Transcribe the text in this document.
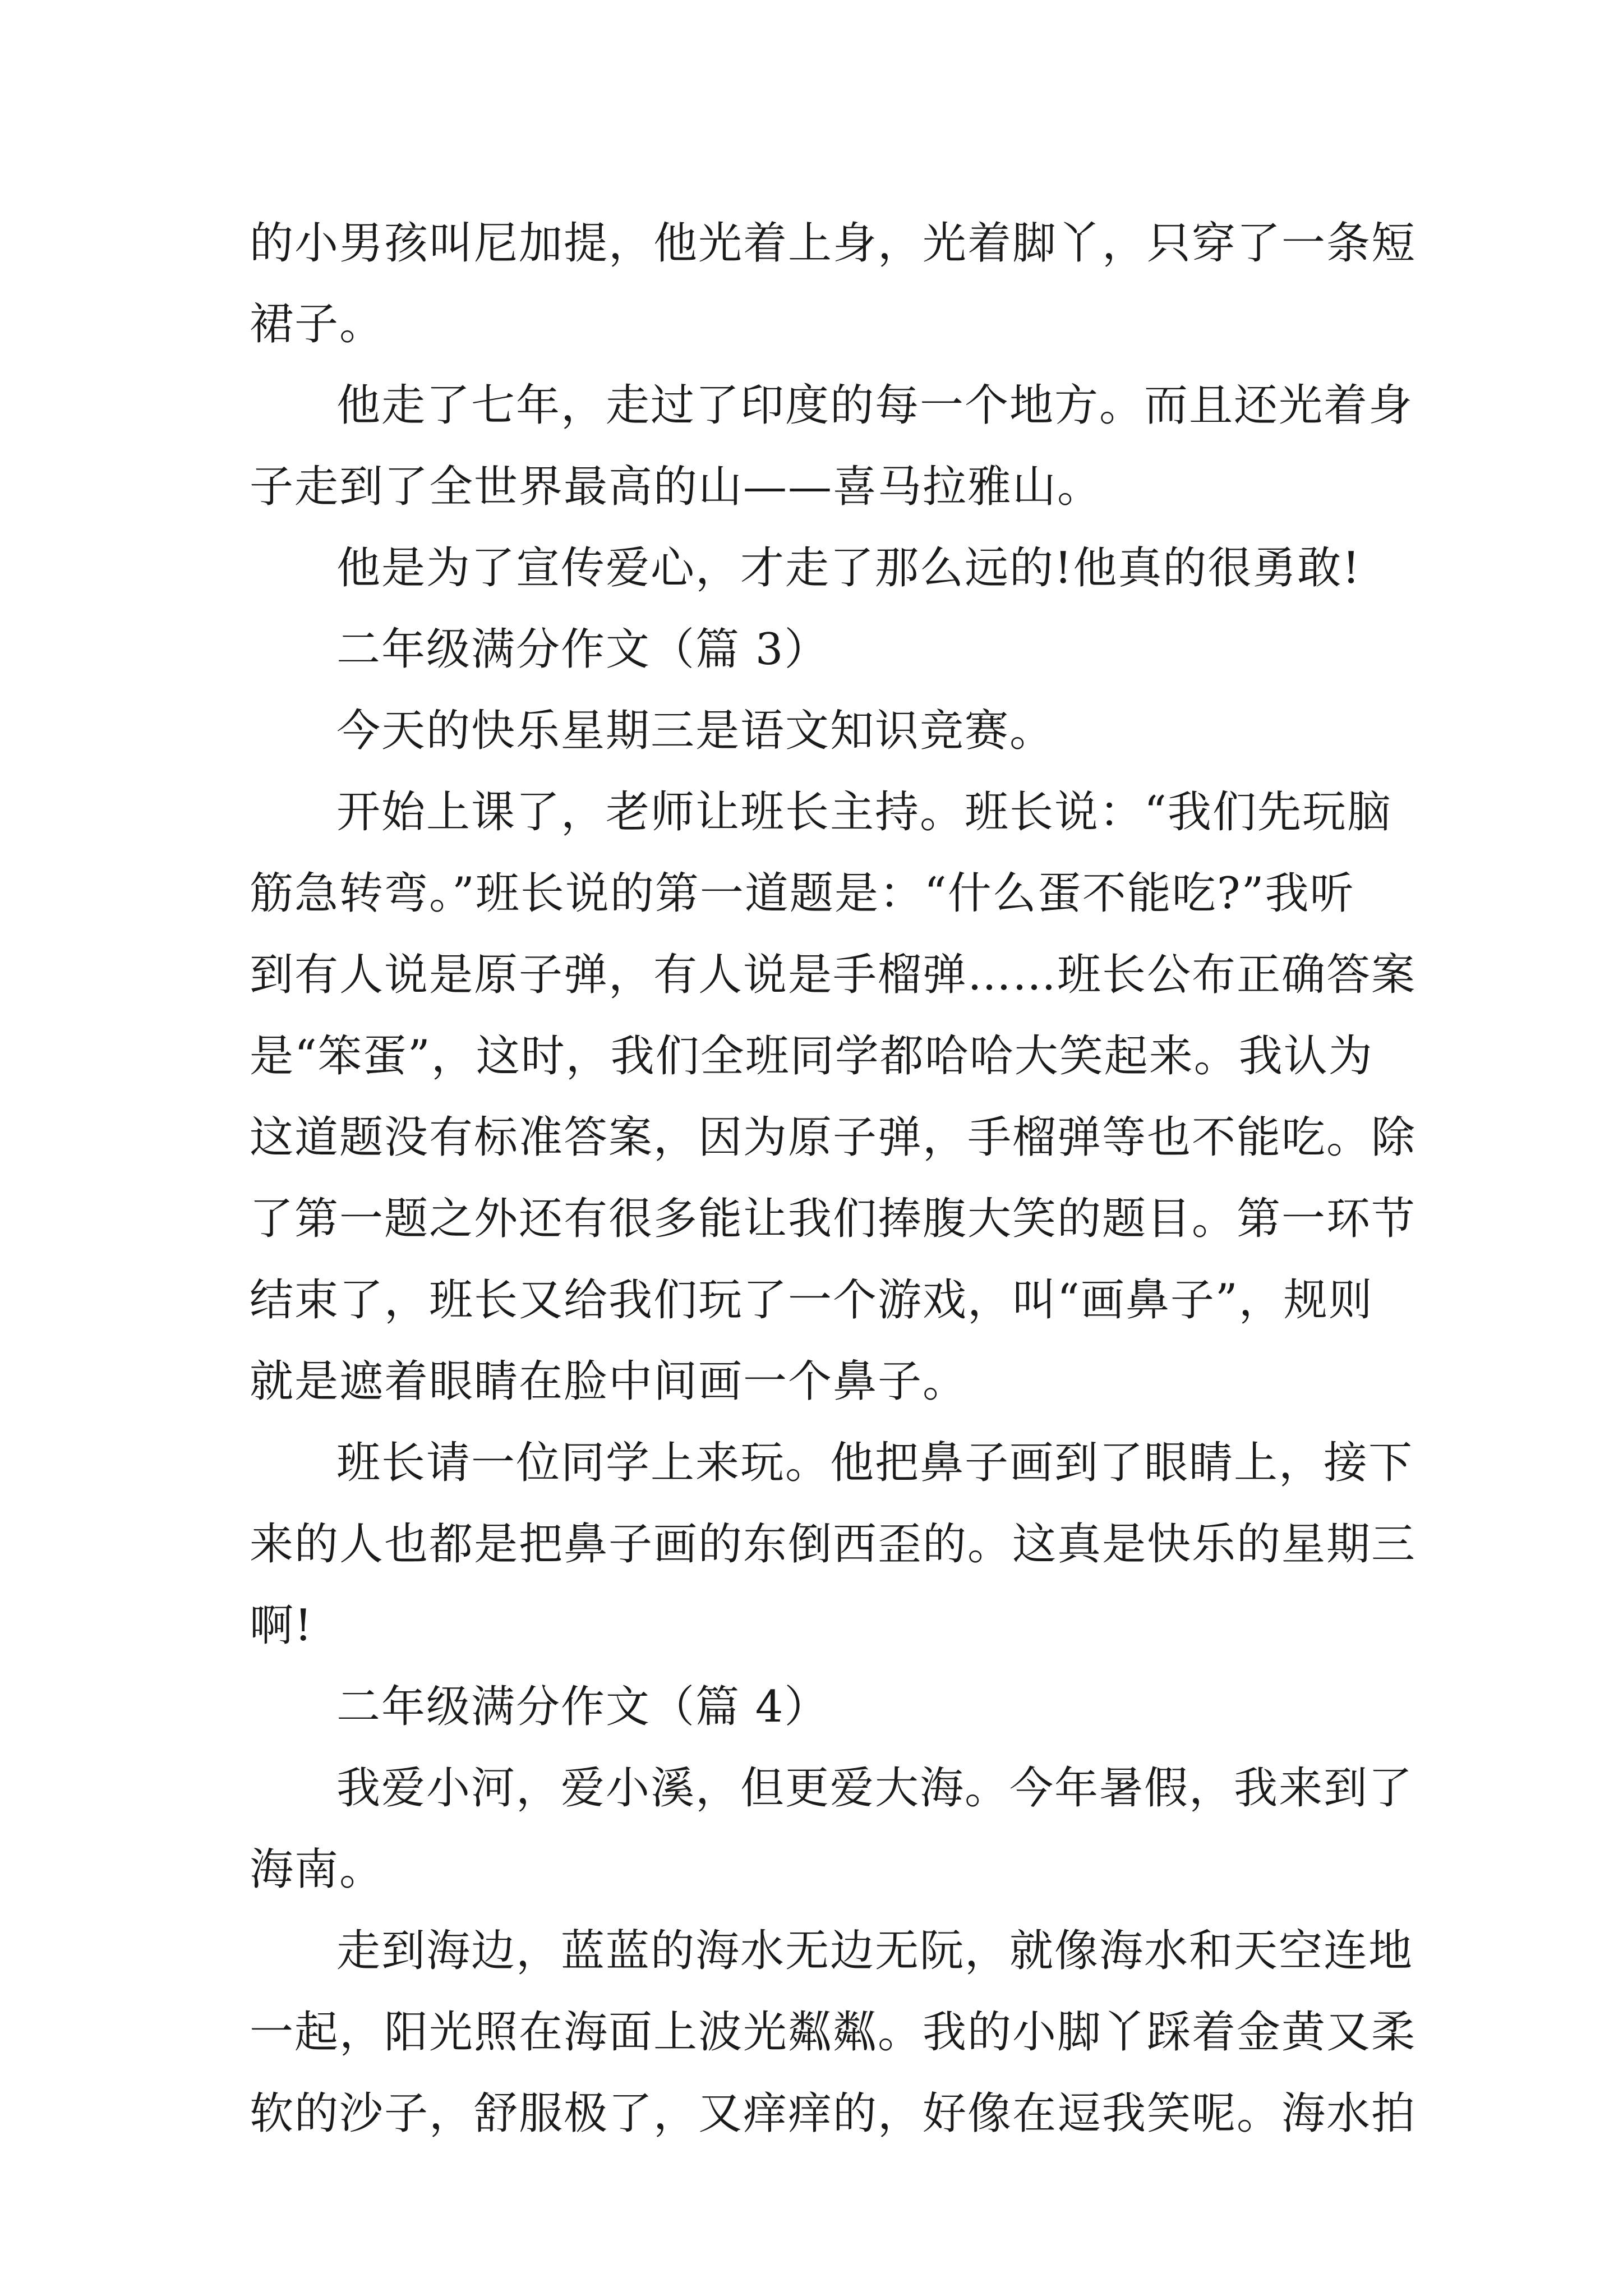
的小男孩叫尼加提，他光着上身，光着脚丫，只穿了一条短

裙子。

他走了七年，走过了印度的每一个地方。而且还光着身

子走到了全世界最高的山——喜马拉雅山。

他是为了宣传爱心，才走了那么远的!他真的很勇敢!

二年级满分作文（篇 3）

今天的快乐星期三是语文知识竞赛。

开始上课了，老师让班长主持。班长说：“我们先玩脑

筋急转弯。”班长说的第一道题是：“什么蛋不能吃?”我听

到有人说是原子弹，有人说是手榴弹……班长公布正确答案

是“笨蛋”，这时，我们全班同学都哈哈大笑起来。我认为

这道题没有标准答案，因为原子弹，手榴弹等也不能吃。除

了第一题之外还有很多能让我们捧腹大笑的题目。第一环节

结束了，班长又给我们玩了一个游戏，叫“画鼻子”，规则

就是遮着眼睛在脸中间画一个鼻子。

班长请一位同学上来玩。他把鼻子画到了眼睛上，接下

来的人也都是把鼻子画的东倒西歪的。这真是快乐的星期三

啊!

二年级满分作文（篇 4）

我爱小河，爱小溪，但更爱大海。今年暑假，我来到了

海南。

走到海边，蓝蓝的海水无边无阮，就像海水和天空连地

一起，阳光照在海面上波光粼粼。我的小脚丫踩着金黄又柔

软的沙子，舒服极了，又痒痒的，好像在逗我笑呢。海水拍
